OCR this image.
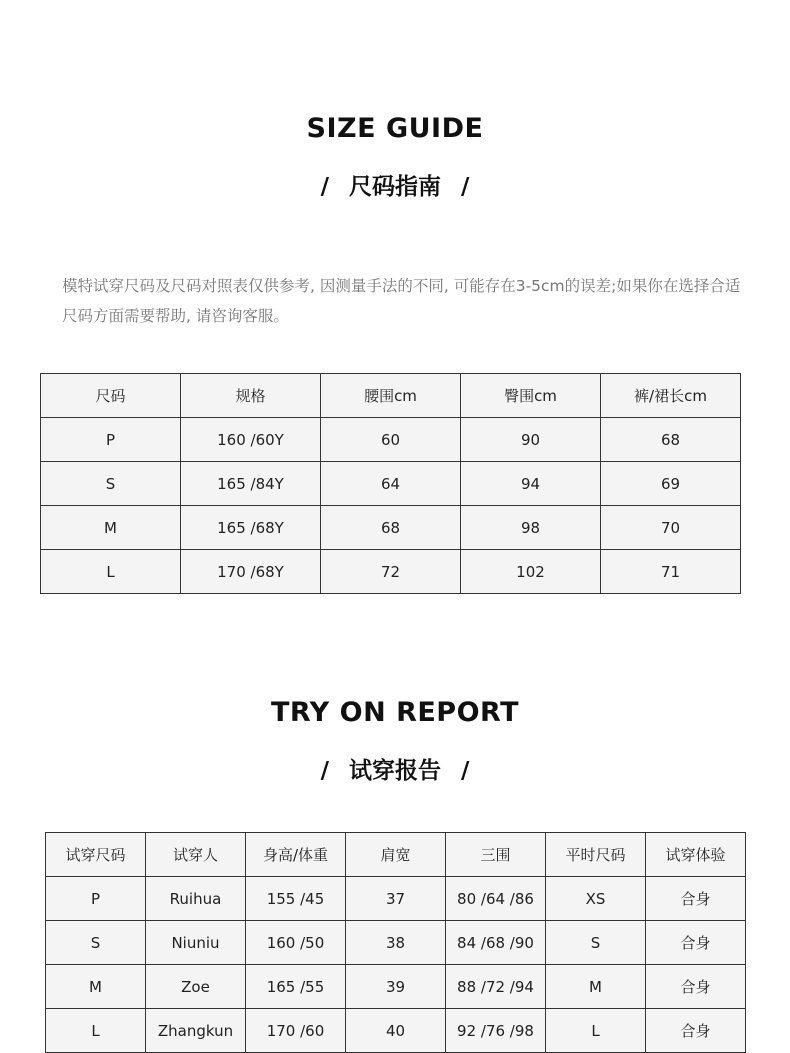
SIZE GUIDE
/ 尺码指南 /

模特试穿尺码及尺码对照表仅供参考, 因测量手法的不同, 可能存在3-5cm的误差;如果你在选择合适尺码方面需要帮助, 请咨询客服。

尺码	规格	腰围cm	臀围cm	裤/裙长cm
P	160 /60Y	60	90	68
S	165 /84Y	64	94	69
M	165 /68Y	68	98	70
L	170 /68Y	72	102	71
TRY ON REPORT
/ 试穿报告 /
试穿尺码	试穿人	身高/体重	肩宽	三围	平时尺码	试穿体验
P	Ruihua	155 /45	37	80 /64 /86	XS	合身
S	Niuniu	160 /50	38	84 /68 /90	S	合身
M	Zoe	165 /55	39	88 /72 /94	M	合身
L	Zhangkun	170 /60	40	92 /76 /98	L	合身
